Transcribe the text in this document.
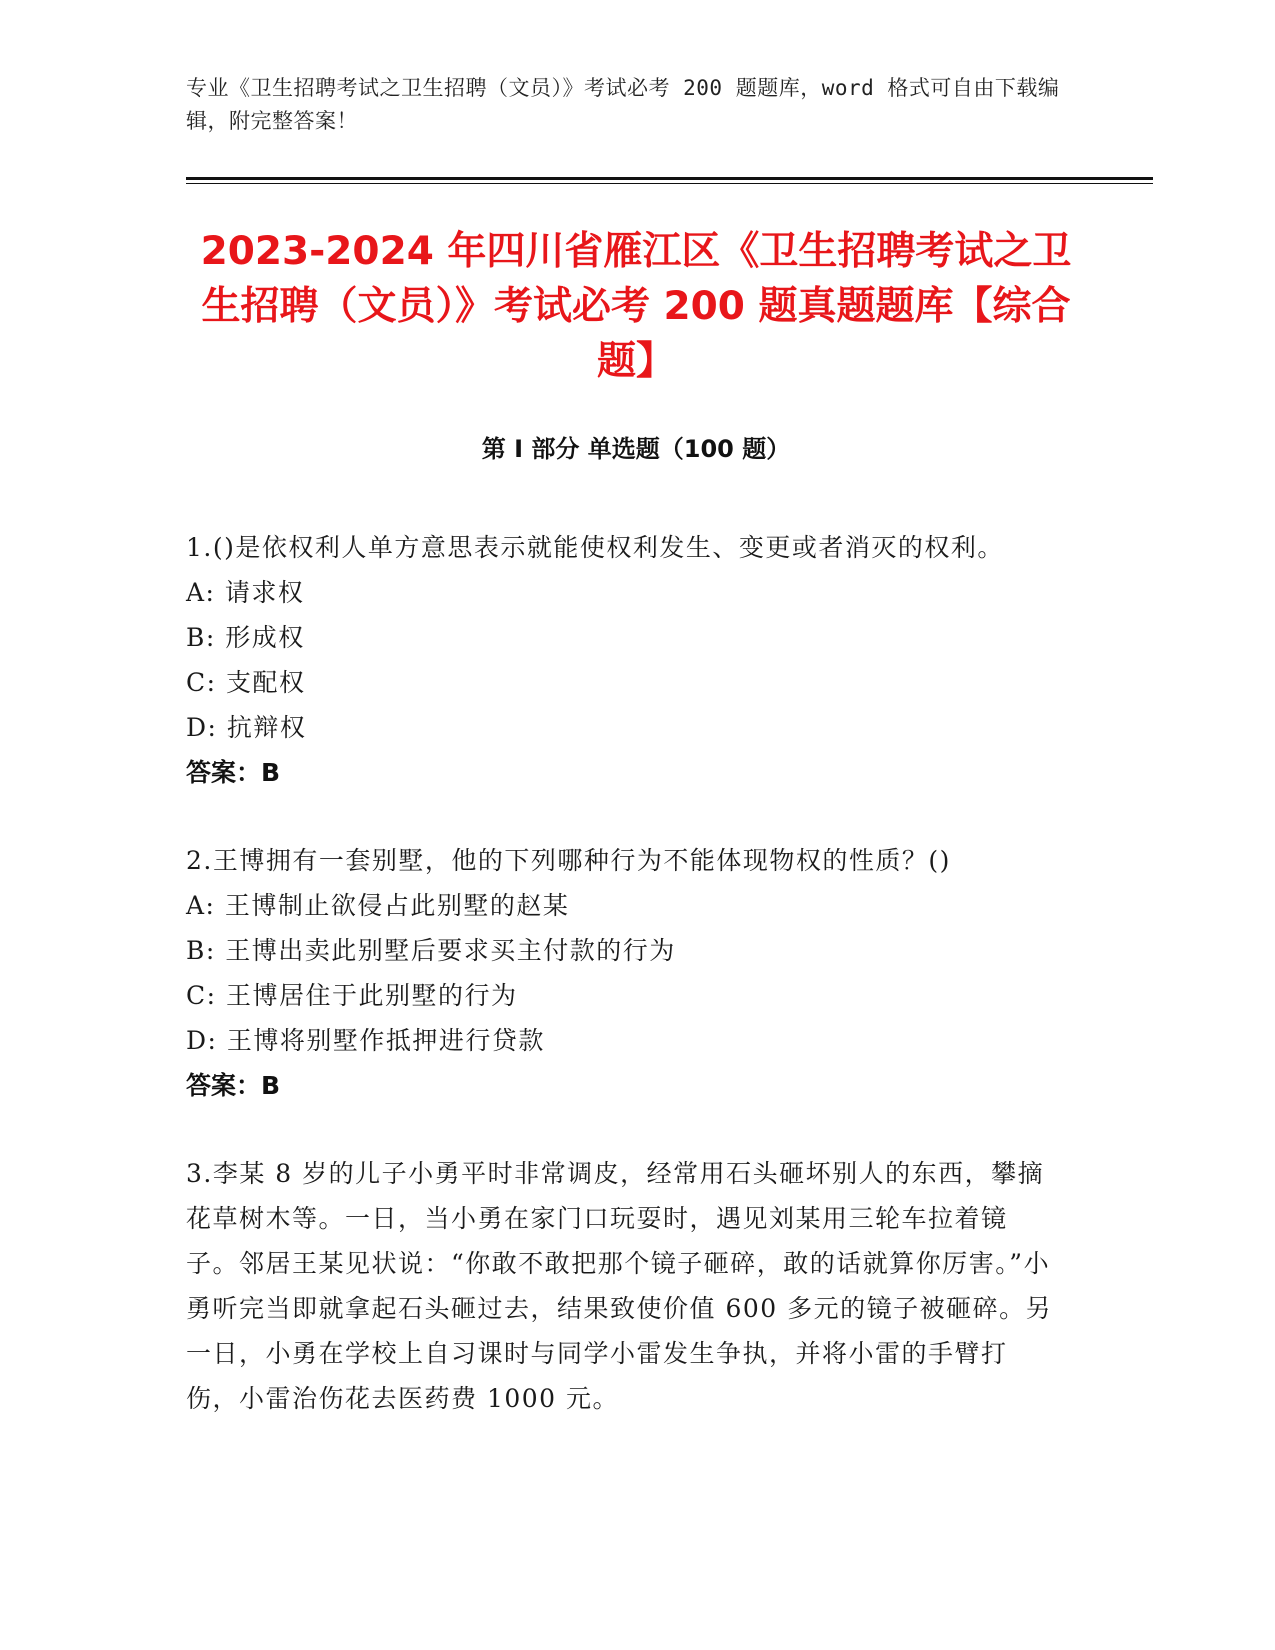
专业《卫生招聘考试之卫生招聘（文员）》考试必考 200 题题库，word 格式可自由下载编辑，附完整答案！
2023-2024 年四川省雁江区《卫生招聘考试之卫生招聘（文员）》考试必考 200 题真题题库【综合题】
第 I 部分 单选题（100 题）

1.()是依权利人单方意思表示就能使权利发生、变更或者消灭的权利。

A: 请求权

B: 形成权

C: 支配权

D: 抗辩权

答案：B

2.王博拥有一套别墅，他的下列哪种行为不能体现物权的性质？()

A: 王博制止欲侵占此别墅的赵某

B: 王博出卖此别墅后要求买主付款的行为

C: 王博居住于此别墅的行为

D: 王博将别墅作抵押进行贷款

答案：B

3.李某 8 岁的儿子小勇平时非常调皮，经常用石头砸坏别人的东西，攀摘花草树木等。一日，当小勇在家门口玩耍时，遇见刘某用三轮车拉着镜子。邻居王某见状说：“你敢不敢把那个镜子砸碎，敢的话就算你厉害。”小勇听完当即就拿起石头砸过去，结果致使价值 600 多元的镜子被砸碎。另一日，小勇在学校上自习课时与同学小雷发生争执，并将小雷的手臂打伤，小雷治伤花去医药费 1000 元。
